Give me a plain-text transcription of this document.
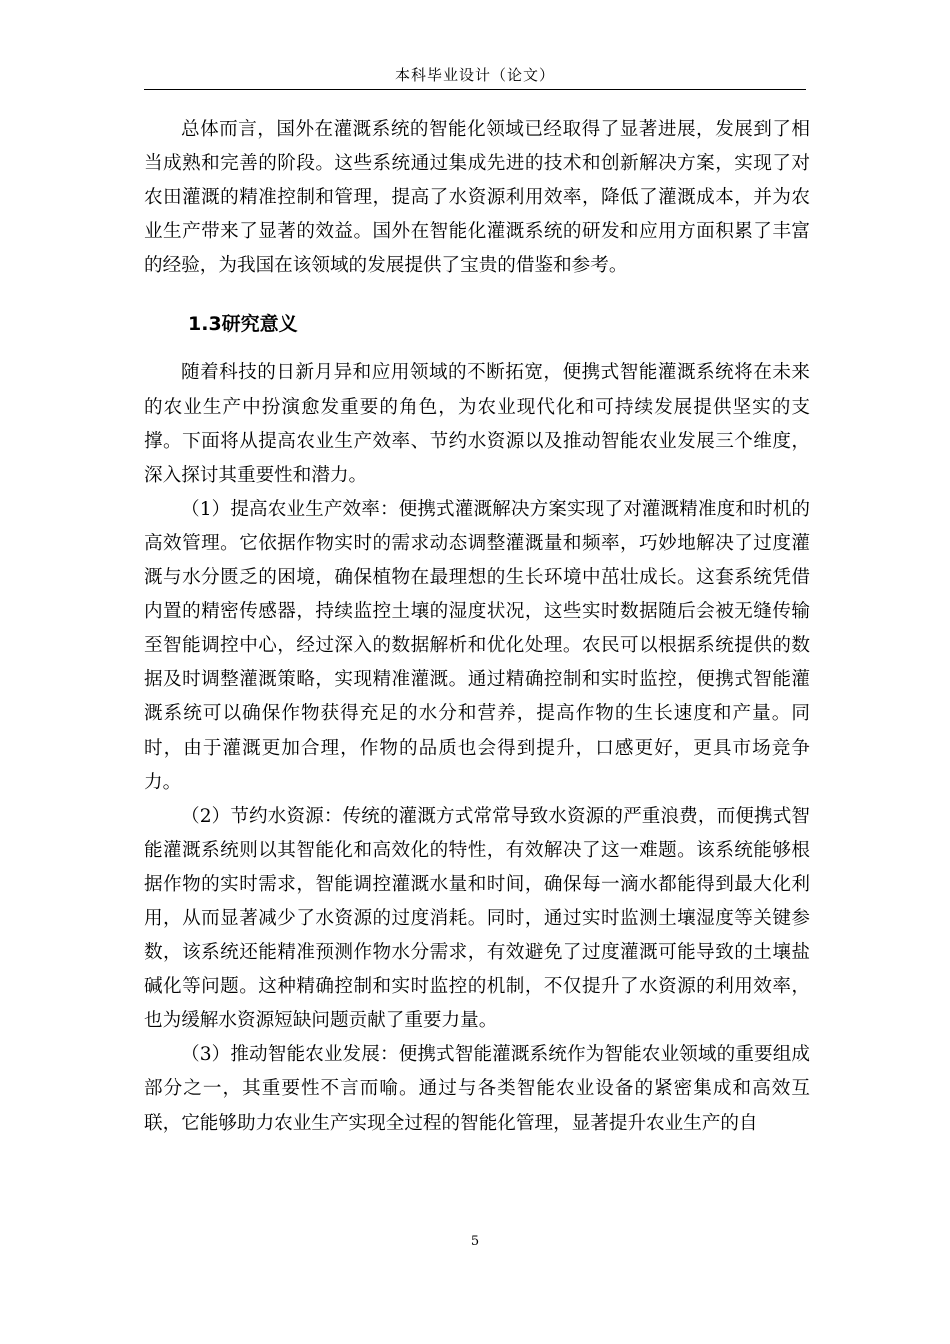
本科毕业设计（论文）

总体而言，国外在灌溉系统的智能化领域已经取得了显著进展，发展到了相当成熟和完善的阶段。这些系统通过集成先进的技术和创新解决方案，实现了对农田灌溉的精准控制和管理，提高了水资源利用效率，降低了灌溉成本，并为农业生产带来了显著的效益。国外在智能化灌溉系统的研发和应用方面积累了丰富的经验，为我国在该领域的发展提供了宝贵的借鉴和参考。

1.3研究意义

随着科技的日新月异和应用领域的不断拓宽，便携式智能灌溉系统将在未来的农业生产中扮演愈发重要的角色，为农业现代化和可持续发展提供坚实的支撑。下面将从提高农业生产效率、节约水资源以及推动智能农业发展三个维度，深入探讨其重要性和潜力。

（1）提高农业生产效率：便携式灌溉解决方案实现了对灌溉精准度和时机的高效管理。它依据作物实时的需求动态调整灌溉量和频率，巧妙地解决了过度灌溉与水分匮乏的困境，确保植物在最理想的生长环境中茁壮成长。这套系统凭借内置的精密传感器，持续监控土壤的湿度状况，这些实时数据随后会被无缝传输至智能调控中心，经过深入的数据解析和优化处理。农民可以根据系统提供的数据及时调整灌溉策略，实现精准灌溉。通过精确控制和实时监控，便携式智能灌溉系统可以确保作物获得充足的水分和营养，提高作物的生长速度和产量。同时，由于灌溉更加合理，作物的品质也会得到提升，口感更好，更具市场竞争力。

（2）节约水资源：传统的灌溉方式常常导致水资源的严重浪费，而便携式智能灌溉系统则以其智能化和高效化的特性，有效解决了这一难题。该系统能够根据作物的实时需求，智能调控灌溉水量和时间，确保每一滴水都能得到最大化利用，从而显著减少了水资源的过度消耗。同时，通过实时监测土壤湿度等关键参数，该系统还能精准预测作物水分需求，有效避免了过度灌溉可能导致的土壤盐碱化等问题。这种精确控制和实时监控的机制，不仅提升了水资源的利用效率，也为缓解水资源短缺问题贡献了重要力量。

（3）推动智能农业发展：便携式智能灌溉系统作为智能农业领域的重要组成部分之一，其重要性不言而喻。通过与各类智能农业设备的紧密集成和高效互联，它能够助力农业生产实现全过程的智能化管理，显著提升农业生产的自

5
